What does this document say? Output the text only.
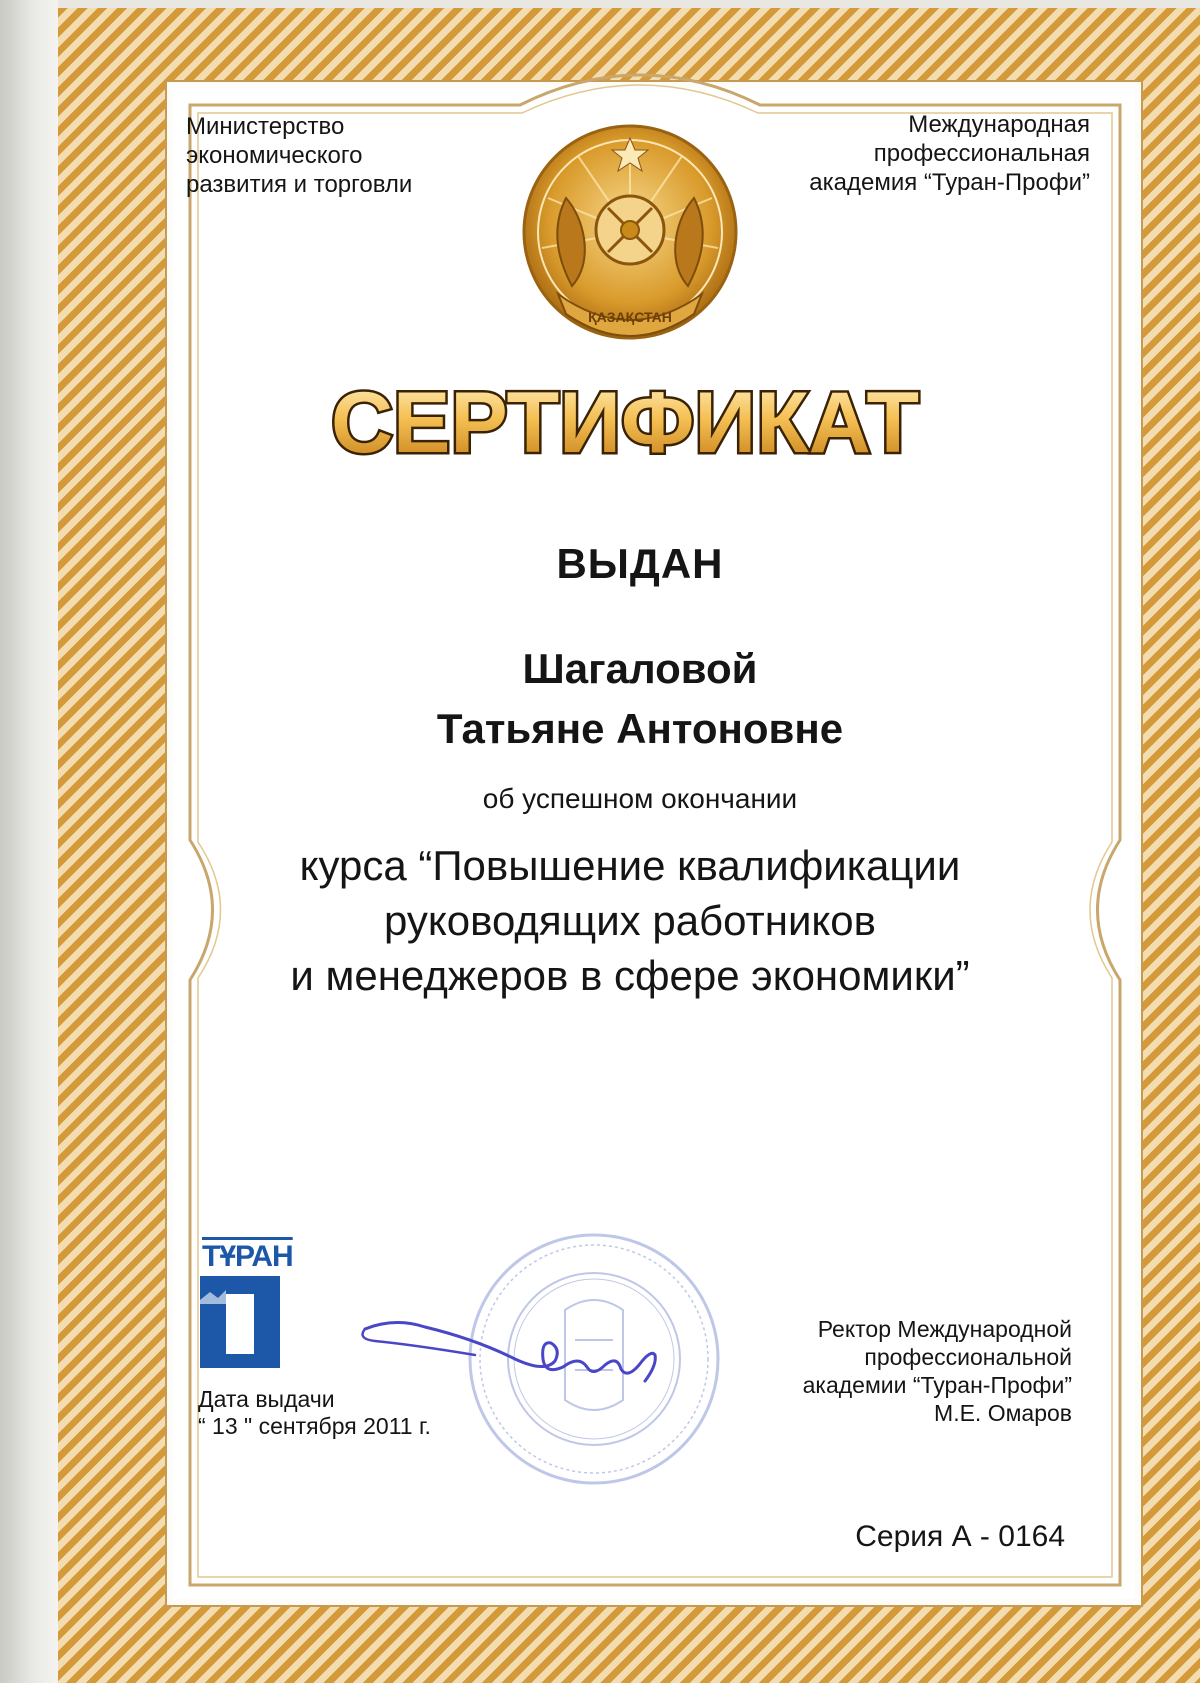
Министерство
экономического
развития и торговли
Международная
профессиональная
академия “Туран-Профи”
ҚАЗАҚСТАН
СЕРТИФИКАТ
ВЫДАН
Шагаловой
Татьяне Антоновне
об успешном окончании
курса “Повышение квалификации
руководящих работников
и менеджеров в сфере экономики”
ТҰРАН
ПРОФИ
Дата выдачи
“ 13 " сентября 2011 г.
Ректор Международной
профессиональной
академии “Туран-Профи”
М.Е. Омаров
Серия А - 0164
